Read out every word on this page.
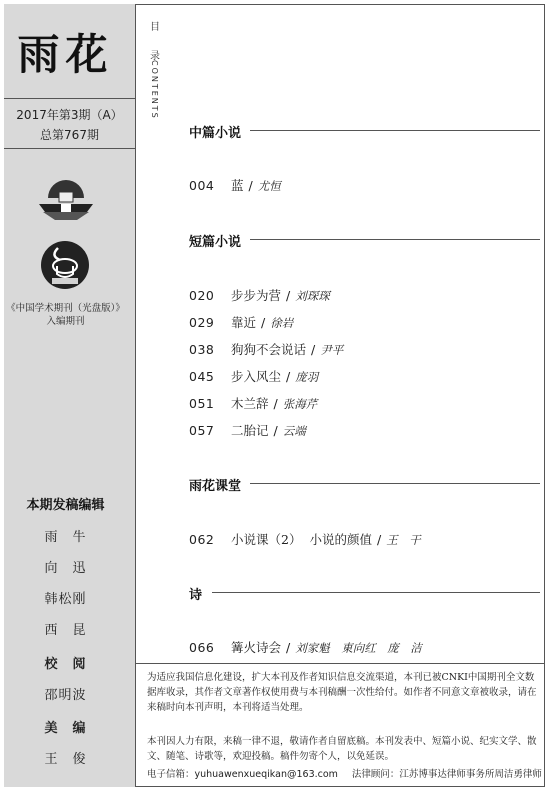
雨花
2017年第3期（A）
总第767期
《中国学术期刊（光盘版）》
入编期刊
本期发稿编辑
雨　牛
向　迅
韩松刚
西　昆
校　阅
邵明波
美　编
王　俊
目
录
CONTENTS
中篇小说
004 蓝 / 尤恒
短篇小说
020 步步为营 / 刘琛琛
029 靠近 / 徐岩
038 狗狗不会说话 / 尹平
045 步入风尘 / 庞羽
051 木兰辞 / 张海芹
057 二胎记 / 云端
雨花课堂
062 小说课（2） 小说的颜值 / 王　干
诗
066 篝火诗会 / 刘家魁　東向红　庞　洁
为适应我国信息化建设，扩大本刊及作者知识信息交流渠道，本刊已被CNKI中国期刊全文数据库收录，其作者文章著作权使用费与本刊稿酬一次性给付。如作者不同意文章被收录，请在来稿时向本刊声明，本刊将适当处理。
本刊因人力有限，来稿一律不退，敬请作者自留底稿。本刊发表中、短篇小说、纪实文学、散文、随笔、诗歌等，欢迎投稿。稿件勿寄个人，以免延误。
电子信箱：yuhuawenxueqikan@163.com 法律顾问：江苏博事达律师事务所周洁勇律师
